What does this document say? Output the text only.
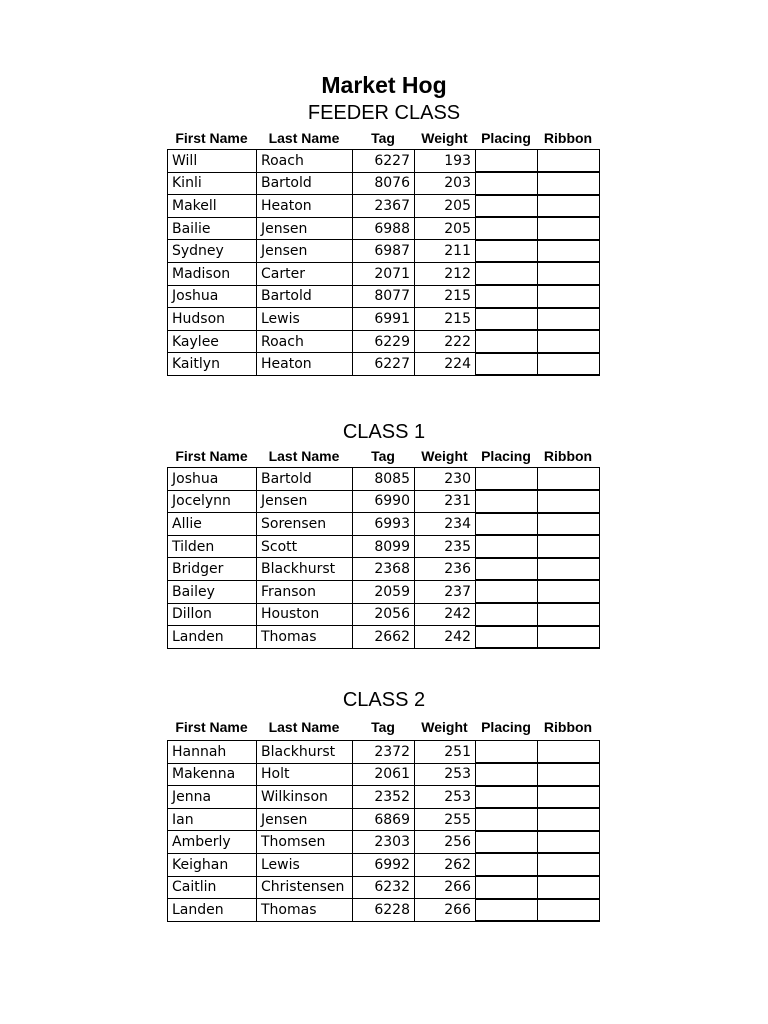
Market Hog
FEEDER CLASS
First Name	Last Name	Tag	Weight Placing Ribbon
Will	Roach	6227	193		
Kinli	Bartold	8076	203		
Makell	Heaton	2367	205		
Bailie	Jensen	6988	205		
Sydney	Jensen	6987	211		
Madison	Carter	2071	212		
Joshua	Bartold	8077	215		
Hudson	Lewis	6991	215		
Kaylee	Roach	6229	222		
Kaitlyn	Heaton	6227	224		
CLASS 1
First Name	Last Name	Tag	Weight Placing Ribbon
Joshua	Bartold	8085	230		
Jocelynn	Jensen	6990	231		
Allie	Sorensen	6993	234		
Tilden	Scott	8099	235		
Bridger	Blackhurst	2368	236		
Bailey	Franson	2059	237		
Dillon	Houston	2056	242		
Landen	Thomas	2662	242		
CLASS 2
First Name	Last Name	Tag	Weight Placing Ribbon
Hannah	Blackhurst	2372	251		
Makenna	Holt	2061	253		
Jenna	Wilkinson	2352	253		
Ian	Jensen	6869	255		
Amberly	Thomsen	2303	256		
Keighan	Lewis	6992	262		
Caitlin	Christensen	6232	266		
Landen	Thomas	6228	266		
